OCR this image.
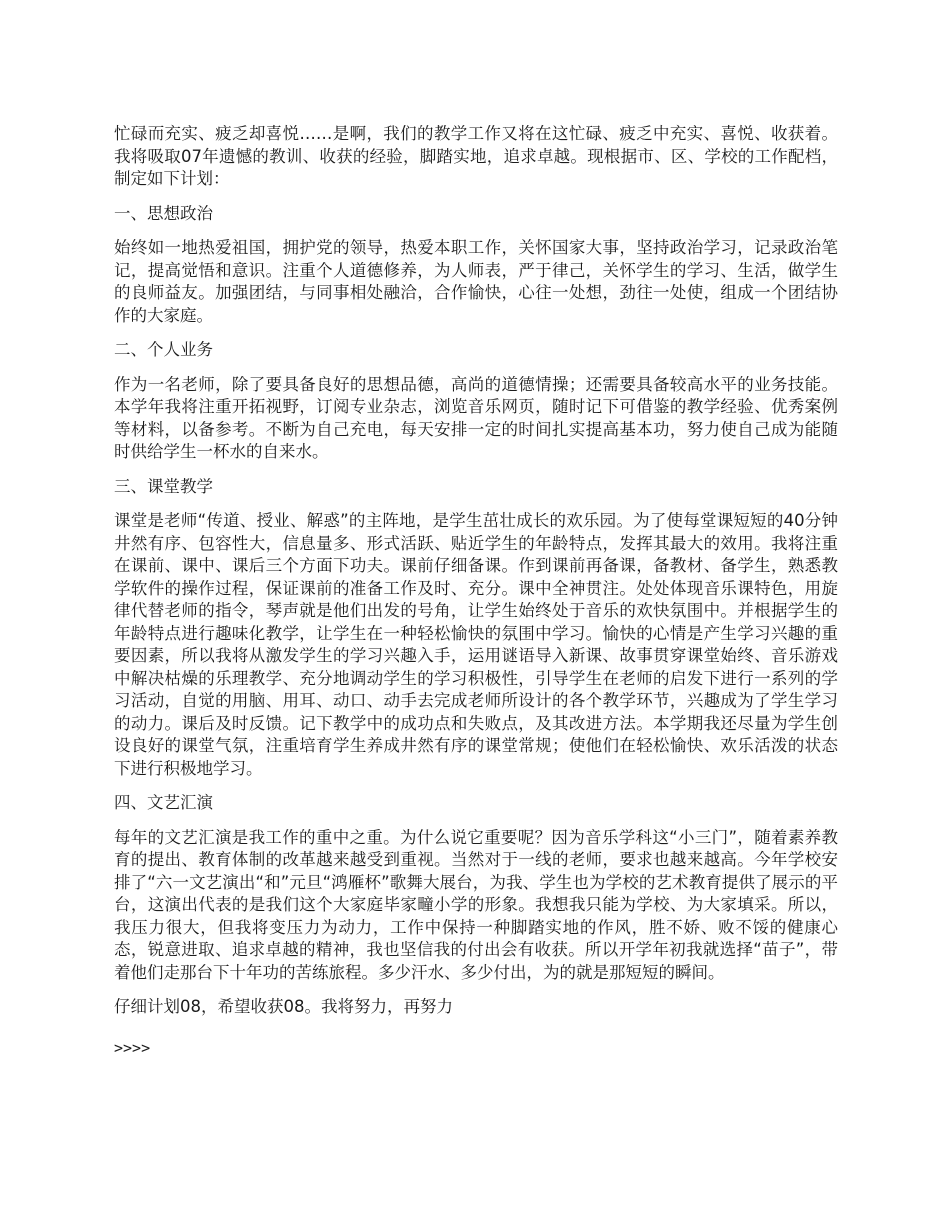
忙碌而充实、疲乏却喜悦……是啊，我们的教学工作又将在这忙碌、疲乏中充实、喜悦、收获着。我将吸取07年遗憾的教训、收获的经验，脚踏实地，追求卓越。现根据市、区、学校的工作配档，制定如下计划：

一、思想政治

始终如一地热爱祖国，拥护党的领导，热爱本职工作，关怀国家大事，坚持政治学习，记录政治笔记，提高觉悟和意识。注重个人道德修养，为人师表，严于律己，关怀学生的学习、生活，做学生的良师益友。加强团结，与同事相处融洽，合作愉快，心往一处想，劲往一处使，组成一个团结协作的大家庭。

二、个人业务

作为一名老师，除了要具备良好的思想品德，高尚的道德情操；还需要具备较高水平的业务技能。本学年我将注重开拓视野，订阅专业杂志，浏览音乐网页，随时记下可借鉴的教学经验、优秀案例等材料，以备参考。不断为自己充电，每天安排一定的时间扎实提高基本功，努力使自己成为能随时供给学生一杯水的自来水。

三、课堂教学

课堂是老师“传道、授业、解惑”的主阵地，是学生茁壮成长的欢乐园。为了使每堂课短短的40分钟井然有序、包容性大，信息量多、形式活跃、贴近学生的年龄特点，发挥其最大的效用。我将注重在课前、课中、课后三个方面下功夫。课前仔细备课。作到课前再备课，备教材、备学生，熟悉教学软件的操作过程，保证课前的准备工作及时、充分。课中全神贯注。处处体现音乐课特色，用旋律代替老师的指令，琴声就是他们出发的号角，让学生始终处于音乐的欢快氛围中。并根据学生的年龄特点进行趣味化教学，让学生在一种轻松愉快的氛围中学习。愉快的心情是产生学习兴趣的重要因素，所以我将从激发学生的学习兴趣入手，运用谜语导入新课、故事贯穿课堂始终、音乐游戏中解决枯燥的乐理教学、充分地调动学生的学习积极性，引导学生在老师的启发下进行一系列的学习活动，自觉的用脑、用耳、动口、动手去完成老师所设计的各个教学环节，兴趣成为了学生学习的动力。课后及时反馈。记下教学中的成功点和失败点，及其改进方法。本学期我还尽量为学生创设良好的课堂气氛，注重培育学生养成井然有序的课堂常规；使他们在轻松愉快、欢乐活泼的状态下进行积极地学习。

四、文艺汇演

每年的文艺汇演是我工作的重中之重。为什么说它重要呢？因为音乐学科这“小三门”，随着素养教育的提出、教育体制的改革越来越受到重视。当然对于一线的老师，要求也越来越高。今年学校安排了“六一文艺演出“和”元旦“鸿雁杯”歌舞大展台，为我、学生也为学校的艺术教育提供了展示的平台，这演出代表的是我们这个大家庭毕家疃小学的形象。我想我只能为学校、为大家填采。所以，我压力很大，但我将变压力为动力，工作中保持一种脚踏实地的作风，胜不娇、败不馁的健康心态，锐意进取、追求卓越的精神，我也坚信我的付出会有收获。所以开学年初我就选择“苗子”，带着他们走那台下十年功的苦练旅程。多少汗水、多少付出，为的就是那短短的瞬间。

仔细计划08，希望收获08。我将努力，再努力

>>>>
